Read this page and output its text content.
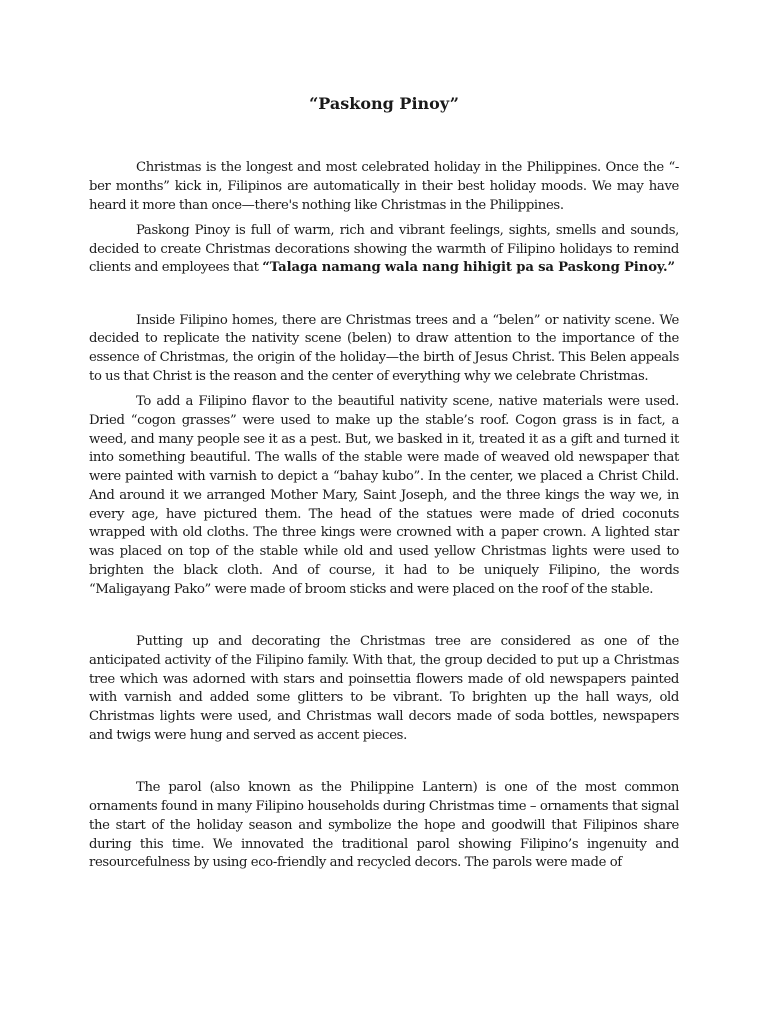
“Paskong Pinoy”

Christmas is the longest and most celebrated holiday in the Philippines. Once the “-ber months” kick in, Filipinos are automatically in their best holiday moods. We may have heard it more than once—there's nothing like Christmas in the Philippines.

Paskong Pinoy is full of warm, rich and vibrant feelings, sights, smells and sounds, decided to create Christmas decorations showing the warmth of Filipino holidays to remind clients and employees that “Talaga namang wala nang hihigit pa sa Paskong Pinoy.”

Inside Filipino homes, there are Christmas trees and a “belen” or nativity scene. We decided to replicate the nativity scene (belen) to draw attention to the importance of the essence of Christmas, the origin of the holiday—the birth of Jesus Christ. This Belen appeals to us that Christ is the reason and the center of everything why we celebrate Christmas.

To add a Filipino flavor to the beautiful nativity scene, native materials were used. Dried “cogon grasses” were used to make up the stable’s roof. Cogon grass is in fact, a weed, and many people see it as a pest. But, we basked in it, treated it as a gift and turned it into something beautiful. The walls of the stable were made of weaved old newspaper that were painted with varnish to depict a “bahay kubo”. In the center, we placed a Christ Child. And around it we arranged Mother Mary, Saint Joseph, and the three kings the way we, in every age, have pictured them. The head of the statues were made of dried coconuts wrapped with old cloths. The three kings were crowned with a paper crown. A lighted star was placed on top of the stable while old and used yellow Christmas lights were used to brighten the black cloth. And of course, it had to be uniquely Filipino, the words “Maligayang Pako” were made of broom sticks and were placed on the roof of the stable.

Putting up and decorating the Christmas tree are considered as one of the anticipated activity of the Filipino family. With that, the group decided to put up a Christmas tree which was adorned with stars and poinsettia flowers made of old newspapers painted with varnish and added some glitters to be vibrant. To brighten up the hall ways, old Christmas lights were used, and Christmas wall decors made of soda bottles, newspapers and twigs were hung and served as accent pieces.

The parol (also known as the Philippine Lantern) is one of the most common ornaments found in many Filipino households during Christmas time – ornaments that signal the start of the holiday season and symbolize the hope and goodwill that Filipinos share during this time. We innovated the traditional parol showing Filipino’s ingenuity and resourcefulness by using eco-friendly and recycled decors. The parols were made of
